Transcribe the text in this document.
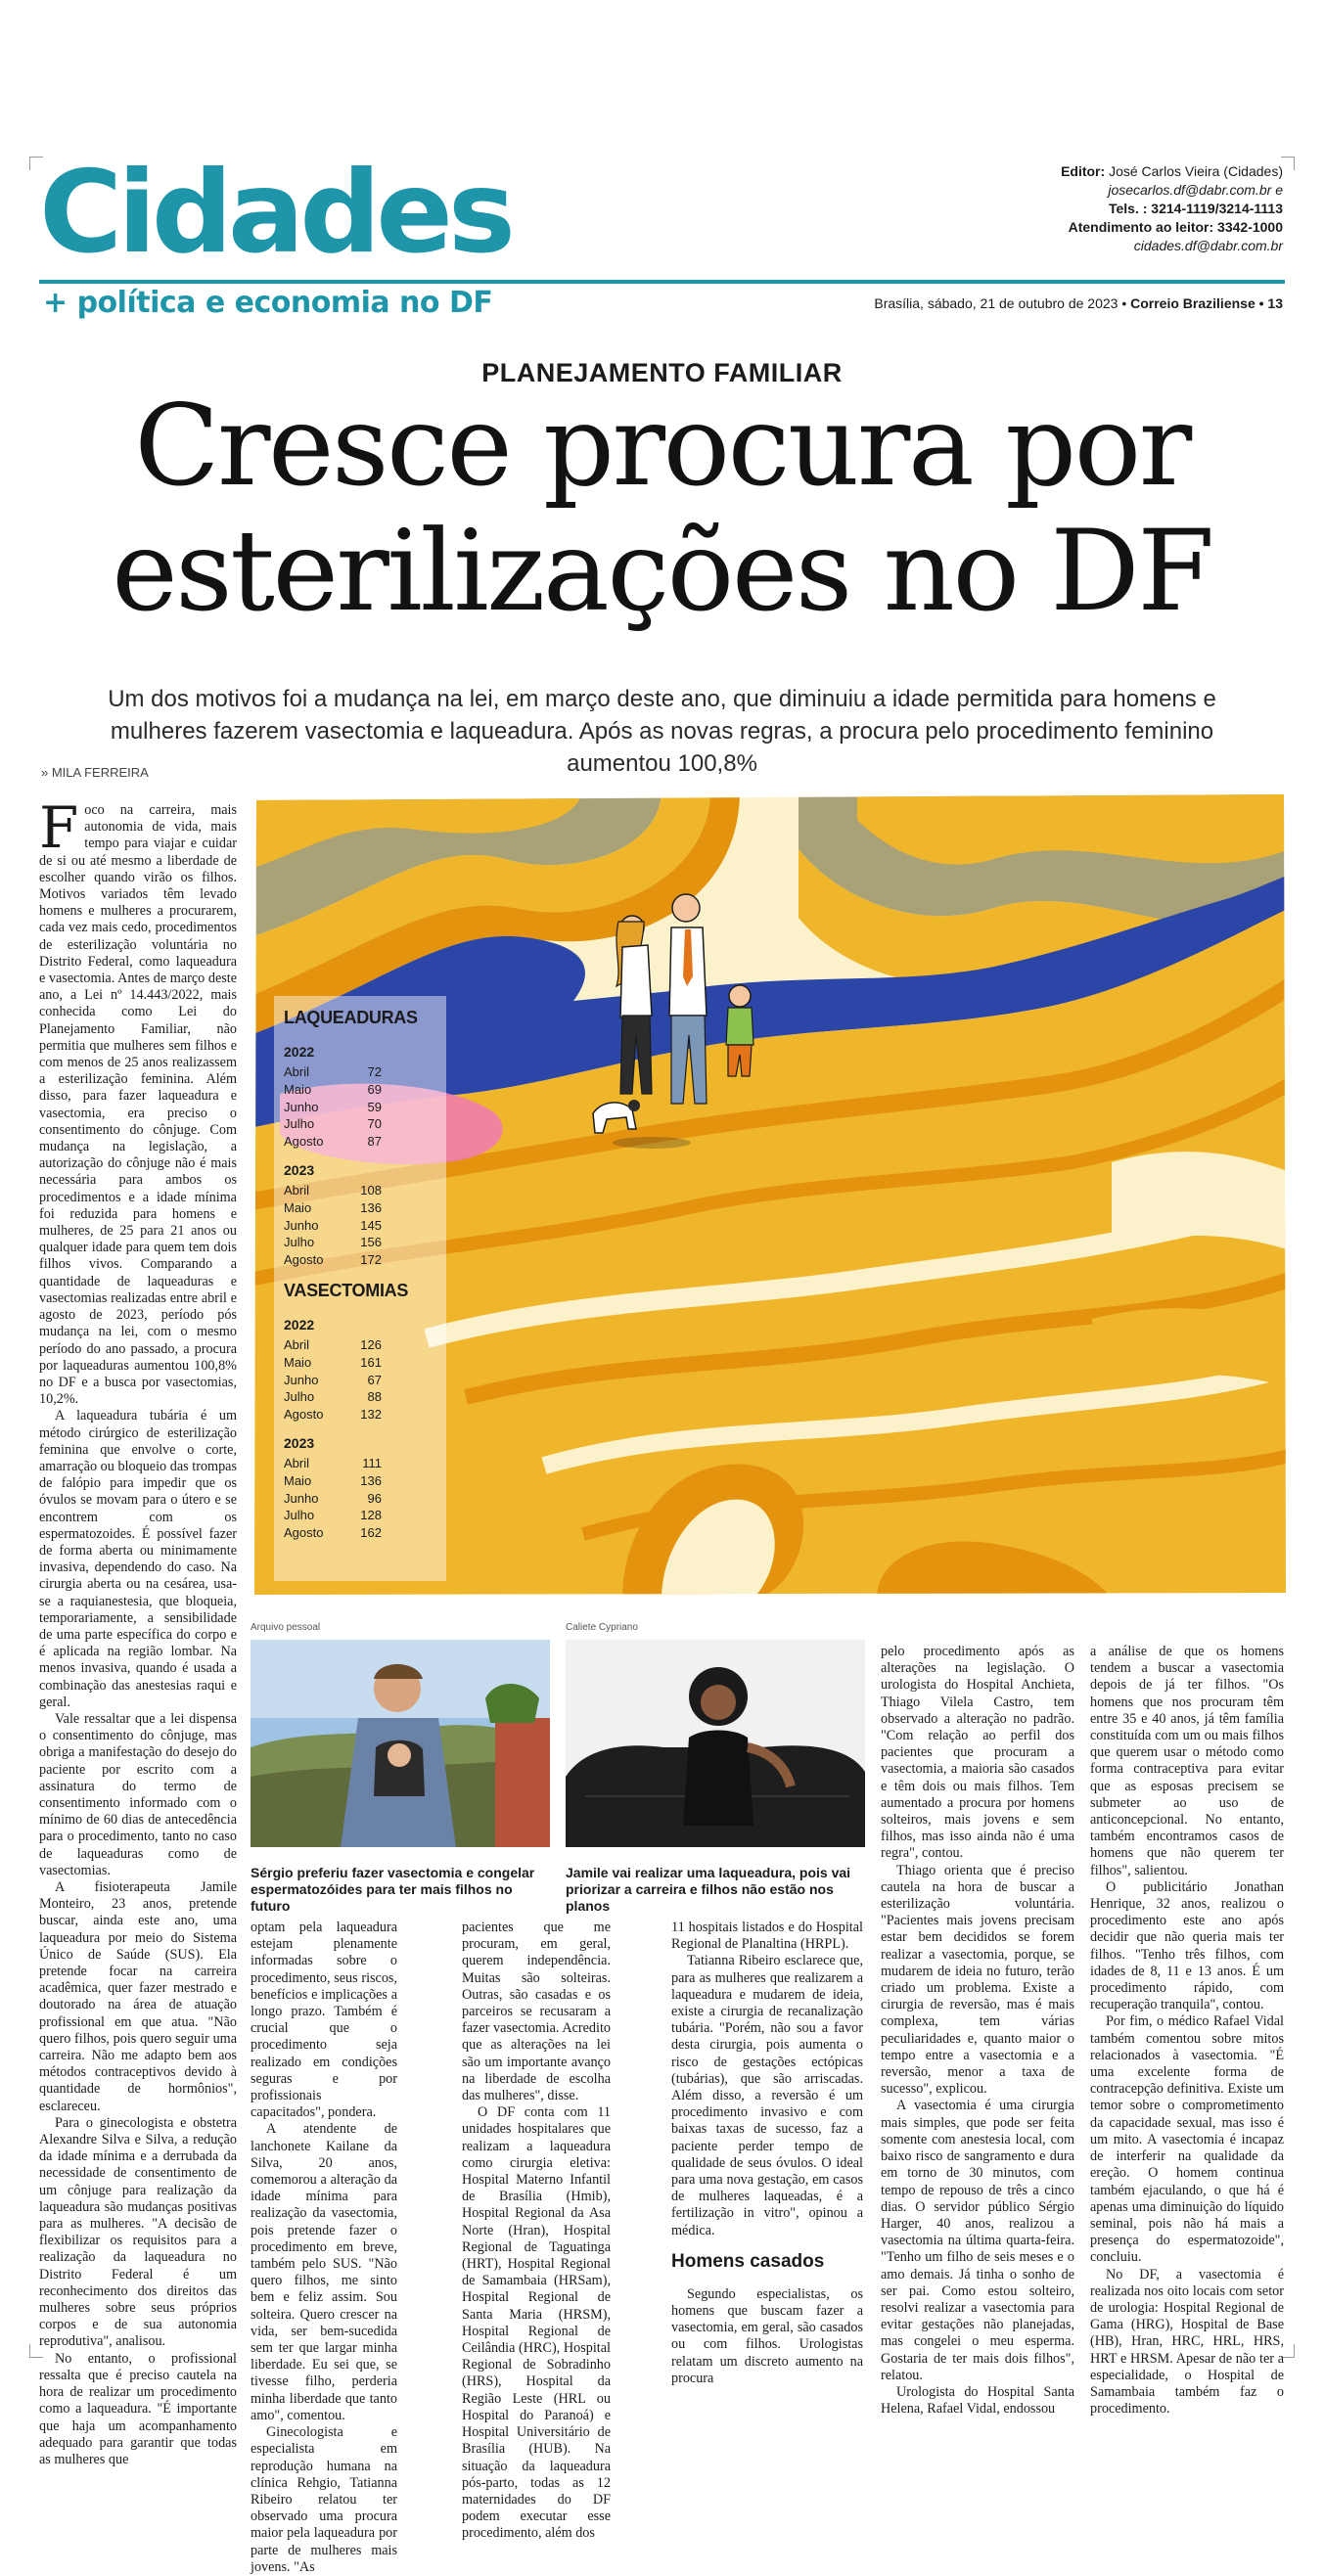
Cidades
+ política e economia no DF
Editor: José Carlos Vieira (Cidades)
josecarlos.df@dabr.com.br e
Tels. : 3214-1119/3214-1113
Atendimento ao leitor: 3342-1000
cidades.df@dabr.com.br
Brasília, sábado, 21 de outubro de 2023 • Correio Braziliense • 13
PLANEJAMENTO FAMILIAR
Cresce procura por
esterilizações no DF
Um dos motivos foi a mudança na lei, em março deste ano, que diminuiu a idade permitida para homens e mulheres fazerem vasectomia e laqueadura. Após as novas regras, a procura pelo procedimento feminino aumentou 100,8%
» MILA FERREIRA

Foco na carreira, mais autonomia de vida, mais tempo para viajar e cuidar de si ou até mesmo a liberdade de escolher quando virão os filhos. Motivos variados têm levado homens e mulheres a procurarem, cada vez mais cedo, procedimentos de esterilização voluntária no Distrito Federal, como laqueadura e vasectomia. Antes de março deste ano, a Lei nº 14.443/2022, mais conhecida como Lei do Planejamento Familiar, não permitia que mulheres sem filhos e com menos de 25 anos realizassem a esterilização feminina. Além disso, para fazer laqueadura e vasectomia, era preciso o consentimento do cônjuge. Com mudança na legislação, a autorização do cônjuge não é mais necessária para ambos os procedimentos e a idade mínima foi reduzida para homens e mulheres, de 25 para 21 anos ou qualquer idade para quem tem dois filhos vivos. Comparando a quantidade de laqueaduras e vasectomias realizadas entre abril e agosto de 2023, período pós mudança na lei, com o mesmo período do ano passado, a procura por laqueaduras aumentou 100,8% no DF e a busca por vasectomias, 10,2%.

A laqueadura tubária é um método cirúrgico de esterilização feminina que envolve o corte, amarração ou bloqueio das trompas de falópio para impedir que os óvulos se movam para o útero e se encontrem com os espermatozoides. É possível fazer de forma aberta ou minimamente invasiva, dependendo do caso. Na cirurgia aberta ou na cesárea, usa-se a raquianestesia, que bloqueia, temporariamente, a sensibilidade de uma parte específica do corpo e é aplicada na região lombar. Na menos invasiva, quando é usada a combinação das anestesias raqui e geral.

Vale ressaltar que a lei dispensa o consentimento do cônjuge, mas obriga a manifestação do desejo do paciente por escrito com a assinatura do termo de consentimento informado com o mínimo de 60 dias de antecedência para o procedimento, tanto no caso de laqueaduras como de vasectomias.

A fisioterapeuta Jamile Monteiro, 23 anos, pretende buscar, ainda este ano, uma laqueadura por meio do Sistema Único de Saúde (SUS). Ela pretende focar na carreira acadêmica, quer fazer mestrado e doutorado na área de atuação profissional em que atua. "Não quero filhos, pois quero seguir uma carreira. Não me adapto bem aos métodos contraceptivos devido à quantidade de hormônios", esclareceu.

Para o ginecologista e obstetra Alexandre Silva e Silva, a redução da idade mínima e a derrubada da necessidade de consentimento de um cônjuge para realização da laqueadura são mudanças positivas para as mulheres. "A decisão de flexibilizar os requisitos para a realização da laqueadura no Distrito Federal é um reconhecimento dos direitos das mulheres sobre seus próprios corpos e de sua autonomia reprodutiva", analisou.

No entanto, o profissional ressalta que é preciso cautela na hora de realizar um procedimento como a laqueadura. "É importante que haja um acompanhamento adequado para garantir que todas as mulheres que

LAQUEADURAS
2022
Abril	72
Maio	69
Junho	59
Julho	70
Agosto	87
2023
Abril	108
Maio	136
Junho	145
Julho	156
Agosto	172
VASECTOMIAS
2022
Abril	126
Maio	161
Junho	67
Julho	88
Agosto	132
2023
Abril	111
Maio	136
Junho	96
Julho	128
Agosto	162
Arquivo pessoal
Sérgio preferiu fazer vasectomia e congelar espermatozóides para ter mais filhos no futuro
Caliete Cypriano
Jamile vai realizar uma laqueadura, pois vai priorizar a carreira e filhos não estão nos planos

optam pela laqueadura estejam plenamente informadas sobre o procedimento, seus riscos, benefícios e implicações a longo prazo. Também é crucial que o procedimento seja realizado em condições seguras e por profissionais capacitados", pondera.

A atendente de lanchonete Kailane da Silva, 20 anos, comemorou a alteração da idade mínima para realização da vasectomia, pois pretende fazer o procedimento em breve, também pelo SUS. "Não quero filhos, me sinto bem e feliz assim. Sou solteira. Quero crescer na vida, ser bem-sucedida sem ter que largar minha liberdade. Eu sei que, se tivesse filho, perderia minha liberdade que tanto amo", comentou.

Ginecologista e especialista em reprodução humana na clínica Rehgio, Tatianna Ribeiro relatou ter observado uma procura maior pela laqueadura por parte de mulheres mais jovens. "As

pacientes que me procuram, em geral, querem independência. Muitas são solteiras. Outras, são casadas e os parceiros se recusaram a fazer vasectomia. Acredito que as alterações na lei são um importante avanço na liberdade de escolha das mulheres", disse.

O DF conta com 11 unidades hospitalares que realizam a laqueadura como cirurgia eletiva: Hospital Materno Infantil de Brasília (Hmib), Hospital Regional da Asa Norte (Hran), Hospital Regional de Taguatinga (HRT), Hospital Regional de Samambaia (HRSam), Hospital Regional de Santa Maria (HRSM), Hospital Regional de Ceilândia (HRC), Hospital Regional de Sobradinho (HRS), Hospital da Região Leste (HRL ou Hospital do Paranoá) e Hospital Universitário de Brasília (HUB). Na situação da laqueadura pós-parto, todas as 12 maternidades do DF podem executar esse procedimento, além dos

11 hospitais listados e do Hospital Regional de Planaltina (HRPL).

Tatianna Ribeiro esclarece que, para as mulheres que realizarem a laqueadura e mudarem de ideia, existe a cirurgia de recanalização tubária. "Porém, não sou a favor desta cirurgia, pois aumenta o risco de gestações ectópicas (tubárias), que são arriscadas. Além disso, a reversão é um procedimento invasivo e com baixas taxas de sucesso, faz a paciente perder tempo de qualidade de seus óvulos. O ideal para uma nova gestação, em casos de mulheres laqueadas, é a fertilização in vitro", opinou a médica.

Homens casados

Segundo especialistas, os homens que buscam fazer a vasectomia, em geral, são casados ou com filhos. Urologistas relatam um discreto aumento na procura

pelo procedimento após as alterações na legislação. O urologista do Hospital Anchieta, Thiago Vilela Castro, tem observado a alteração no padrão. "Com relação ao perfil dos pacientes que procuram a vasectomia, a maioria são casados e têm dois ou mais filhos. Tem aumentado a procura por homens solteiros, mais jovens e sem filhos, mas isso ainda não é uma regra", contou.

Thiago orienta que é preciso cautela na hora de buscar a esterilização voluntária. "Pacientes mais jovens precisam estar bem decididos se forem realizar a vasectomia, porque, se mudarem de ideia no futuro, terão criado um problema. Existe a cirurgia de reversão, mas é mais complexa, tem várias peculiaridades e, quanto maior o tempo entre a vasectomia e a reversão, menor a taxa de sucesso", explicou.

A vasectomia é uma cirurgia mais simples, que pode ser feita somente com anestesia local, com baixo risco de sangramento e dura em torno de 30 minutos, com tempo de repouso de três a cinco dias. O servidor público Sérgio Harger, 40 anos, realizou a vasectomia na última quarta-feira. "Tenho um filho de seis meses e o amo demais. Já tinha o sonho de ser pai. Como estou solteiro, resolvi realizar a vasectomia para evitar gestações não planejadas, mas congelei o meu esperma. Gostaria de ter mais dois filhos", relatou.

Urologista do Hospital Santa Helena, Rafael Vidal, endossou

a análise de que os homens tendem a buscar a vasectomia depois de já ter filhos. "Os homens que nos procuram têm entre 35 e 40 anos, já têm família constituída com um ou mais filhos que querem usar o método como forma contraceptiva para evitar que as esposas precisem se submeter ao uso de anticoncepcional. No entanto, também encontramos casos de homens que não querem ter filhos", salientou.

O publicitário Jonathan Henrique, 32 anos, realizou o procedimento este ano após decidir que não queria mais ter filhos. "Tenho três filhos, com idades de 8, 11 e 13 anos. É um procedimento rápido, com recuperação tranquila", contou.

Por fim, o médico Rafael Vidal também comentou sobre mitos relacionados à vasectomia. "É uma excelente forma de contracepção definitiva. Existe um temor sobre o comprometimento da capacidade sexual, mas isso é um mito. A vasectomia é incapaz de interferir na qualidade da ereção. O homem continua também ejaculando, o que há é apenas uma diminuição do líquido seminal, pois não há mais a presença do espermatozoide", concluiu.

No DF, a vasectomia é realizada nos oito locais com setor de urologia: Hospital Regional de Gama (HRG), Hospital de Base (HB), Hran, HRC, HRL, HRS, HRT e HRSM. Apesar de não ter a especialidade, o Hospital de Samambaia também faz o procedimento.
